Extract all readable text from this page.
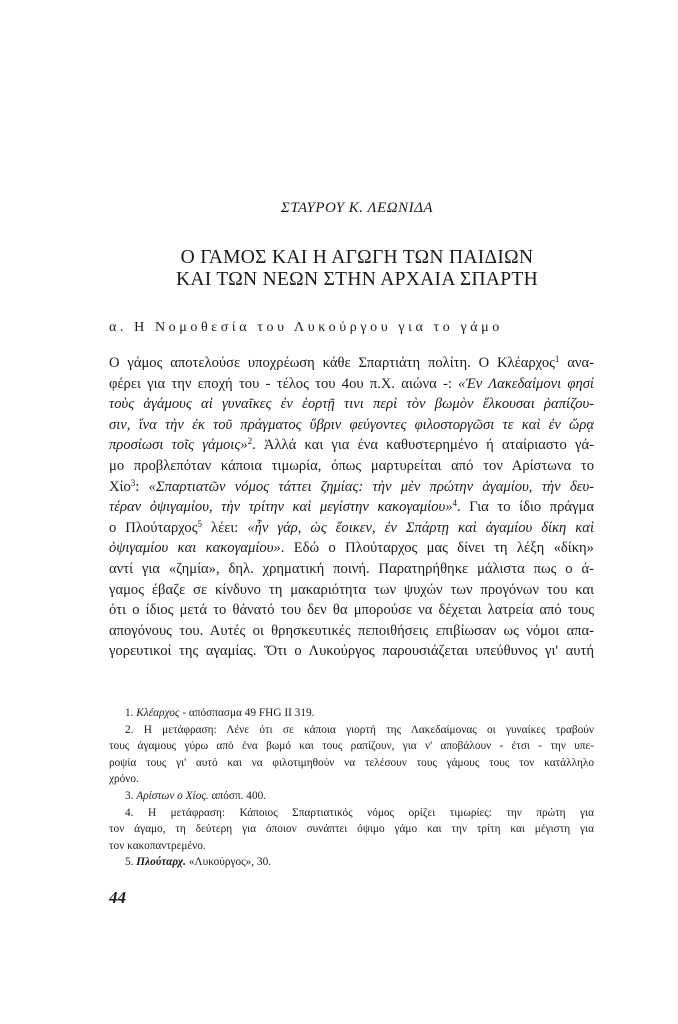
ΣΤΑΥΡΟΥ Κ. ΛΕΩΝΙΔΑ
Ο ΓΑΜΟΣ ΚΑΙ Η ΑΓΩΓΗ ΤΩΝ ΠΑΙΔΙΩΝ
ΚΑΙ ΤΩΝ ΝΕΩΝ ΣΤΗΝ ΑΡΧΑΙΑ ΣΠΑΡΤΗ
α. Η Νομοθεσία του Λυκούργου για το γάμο
Ο γάμος αποτελούσε υποχρέωση κάθε Σπαρτιάτη πολίτη. Ο Κλέαρχος$^1$ ανα-
φέρει για την εποχή του - τέλος του 4ου π.Χ. αιώνα -: «Ἐν Λακεδαίμονι φησί
τοὺς ἀγάμους αἱ γυναῖκες ἐν ἑορτῇ τινι περὶ τὸν βωμὸν ἕλκουσαι ῥαπίζου-
σιν, ἵνα τὴν ἐκ τοῦ πράγματος ὕβριν φεύγοντες φιλοστοργῶσι τε καὶ ἐν ὥρᾳ
προσίωσι τοῖς γάμοις»$^2$. Ἀλλά και για ένα καθυστερημένο ή αταίριαστο γά-
μο προβλεπόταν κάποια τιμωρία, όπως μαρτυρείται από τον Αρίστωνα το
Χίο$^3$: «Σπαρτιατῶν νόμος τάττει ζημίας: τὴν μὲν πρώτην ἀγαμίου, τὴν δευ-
τέραν ὀψιγαμίου, τὴν τρίτην καὶ μεγίστην κακογαμίου»$^4$. Για το ίδιο πράγμα
ο Πλούταρχος$^5$ λέει: «ἦν γάρ, ὡς ἔοικεν, ἐν Σπάρτῃ καὶ ἀγαμίου δίκη καὶ
ὀψιγαμίου και κακογαμίου». Εδώ ο Πλούταρχος μας δίνει τη λέξη «δίκη»
αντί για «ζημία», δηλ. χρηματική ποινή. Παρατηρήθηκε μάλιστα πως ο ά-
γαμος έβαζε σε κίνδυνο τη μακαριότητα των ψυχών των προγόνων του και
ότι ο ίδιος μετά το θάνατό του δεν θα μπορούσε να δέχεται λατρεία από τους
απογόνους του. Αυτές οι θρησκευτικές πεποιθήσεις επιβίωσαν ως νόμοι απα-
γορευτικοί της αγαμίας. Ὅτι ο Λυκούργος παρουσιάζεται υπεύθυνος γι' αυτή
1. Κλέαρχος - απόσπασμα 49 FHG II 319.
2. Η μετάφραση: Λένε ότι σε κάποια γιορτή της Λακεδαίμονας οι γυναίκες τραβούν
τους άγαμους γύρω από ένα βωμό και τους ραπίζουν, για ν' αποβάλουν - έτσι - την υπε-
ροψία τους γι' αυτό και να φιλοτιμηθούν να τελέσουν τους γάμους τους τον κατάλληλο
χρόνο.
3. Αρίστων ο Χίος. απόσπ. 400.
4. Η μετάφραση: Κάποιος Σπαρτιατικός νόμος ορίζει τιμωρίες: την πρώτη για
τον άγαμο, τη δεύτερη για όποιον συνάπτει όψιμο γάμο και την τρίτη και μέγιστη για
τον κακοπαντρεμένο.
5. Πλούταρχ. «Λυκούργος», 30.
44
